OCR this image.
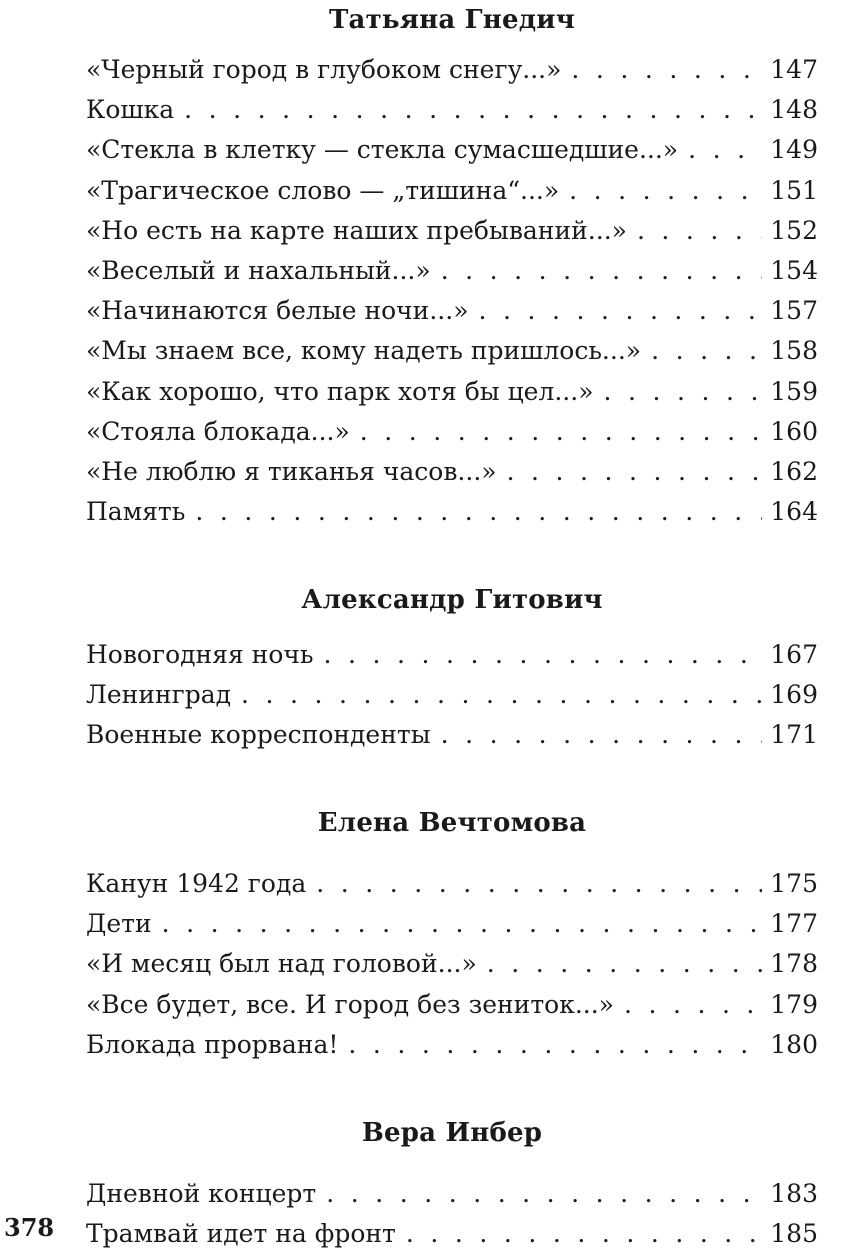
Татьяна Гнедич
«Черный город в глубоком снегу...» . . .	147
Кошка . . .	148
«Стекла в клетку — стекла сумасшедшие...» . . .	149
«Трагическое слово — „тишина“...» . . .	151
«Но есть на карте наших пребываний...» . . .	152
«Веселый и нахальный...» . . .	154
«Начинаются белые ночи...» . . .	157
«Мы знаем все, кому надеть пришлось...» . . .	158
«Как хорошо, что парк хотя бы цел...» . . .	159
«Стояла блокада...» . . .	160
«Не люблю я тиканья часов...» . . .	162
Память . . .	164
Александр Гитович
Новогодняя ночь . . .	167
Ленинград . . .	169
Военные корреспонденты . . .	171
Елена Вечтомова
Канун 1942 года . . .	175
Дети . . .	177
«И месяц был над головой...» . . .	178
«Все будет, все. И город без зениток...» . . .	179
Блокада прорвана! . . .	180
Вера Инбер
Дневной концерт . . .	183
Трамвай идет на фронт . . .	185
378
